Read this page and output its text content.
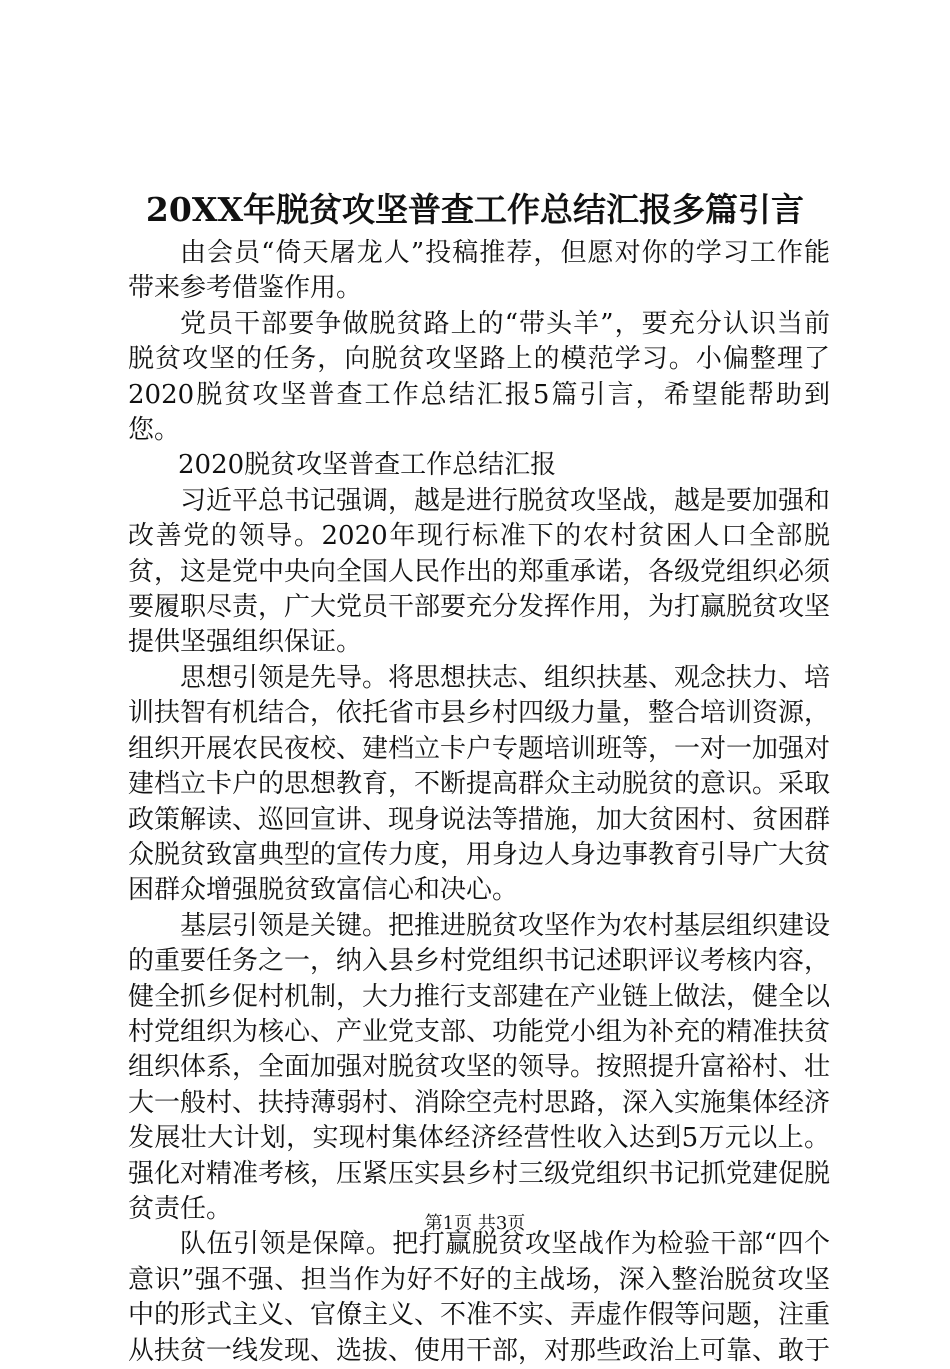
20XX年脱贫攻坚普查工作总结汇报多篇引言

由会员“倚天屠龙人”投稿推荐，但愿对你的学习工作能带来参考借鉴作用。

党员干部要争做脱贫路上的“带头羊”，要充分认识当前脱贫攻坚的任务，向脱贫攻坚路上的模范学习。小偏整理了2020脱贫攻坚普查工作总结汇报5篇引言，希望能帮助到您。

2020脱贫攻坚普查工作总结汇报

习近平总书记强调，越是进行脱贫攻坚战，越是要加强和改善党的领导。2020年现行标准下的农村贫困人口全部脱贫，这是党中央向全国人民作出的郑重承诺，各级党组织必须要履职尽责，广大党员干部要充分发挥作用，为打赢脱贫攻坚提供坚强组织保证。

思想引领是先导。将思想扶志、组织扶基、观念扶力、培训扶智有机结合，依托省市县乡村四级力量，整合培训资源，组织开展农民夜校、建档立卡户专题培训班等，一对一加强对建档立卡户的思想教育，不断提高群众主动脱贫的意识。采取政策解读、巡回宣讲、现身说法等措施，加大贫困村、贫困群众脱贫致富典型的宣传力度，用身边人身边事教育引导广大贫困群众增强脱贫致富信心和决心。

基层引领是关键。把推进脱贫攻坚作为农村基层组织建设的重要任务之一，纳入县乡村党组织书记述职评议考核内容，健全抓乡促村机制，大力推行支部建在产业链上做法，健全以村党组织为核心、产业党支部、功能党小组为补充的精准扶贫组织体系，全面加强对脱贫攻坚的领导。按照提升富裕村、壮大一般村、扶持薄弱村、消除空壳村思路，深入实施集体经济发展壮大计划，实现村集体经济经营性收入达到5万元以上。强化对精准考核，压紧压实县乡村三级党组织书记抓党建促脱贫责任。

队伍引领是保障。把打赢脱贫攻坚战作为检验干部“四个意识”强不强、担当作为好不好的主战场，深入整治脱贫攻坚中的形式主义、官僚主义、不准不实、弄虚作假等问题，注重从扶贫一线发现、选拔、使用干部，对那些政治上可靠、敢于

第1页 共3页
